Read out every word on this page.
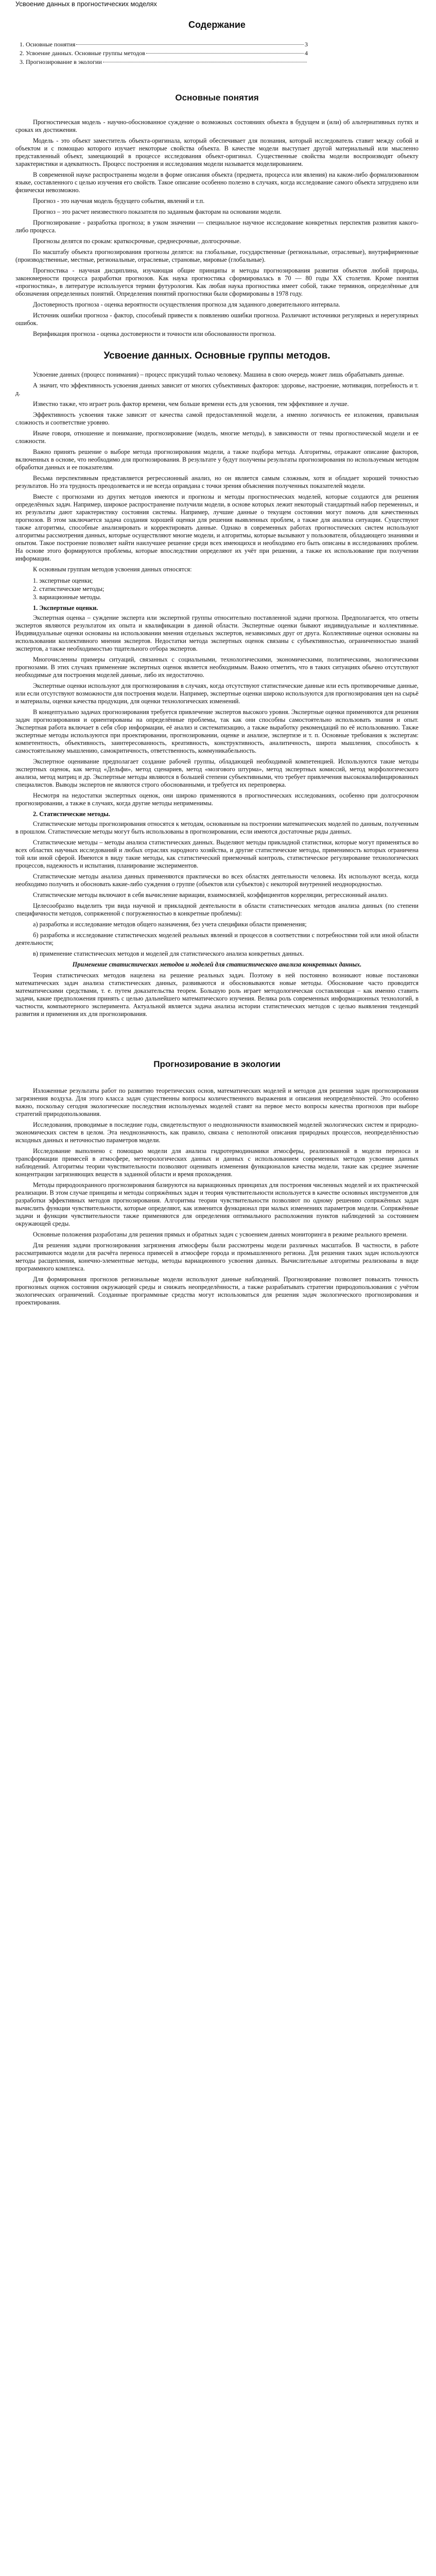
Усвоение данных в прогностических моделях
Содержание
1. Основные понятия	3
2. Усвоение данных. Основные группы методов	4
3. Прогнозирование в экологии
Основные понятия

Прогностическая модель - научно-обоснованное суждение о возможных состояниях объекта в будущем и (или) об альтернативных путях и сроках их достижения.

Модель - это объект заместитель объекта-оригинала, который обеспечивает для познания, который исследователь ставит между собой и объектом и с помощью которого изучает некоторые свойства объекта. В качестве модели выступает другой материальный или мысленно представленный объект, замещающий в процессе исследования объект-оригинал. Существенные свойства модели воспроизводят объекту характеристики и адекватность. Процесс построения и исследования модели называется моделированием.

В современной науке распространены модели в форме описания объекта (предмета, процесса или явления) на каком-либо формализованном языке, составленного с целью изучения его свойств. Такое описание особенно полезно в случаях, когда исследование самого объекта затруднено или физически невозможно.

Прогноз - это научная модель будущего события, явлений и т.п.

Прогноз – это расчет неизвестного показателя по заданным факторам на основании модели.

Прогнозирование - разработка прогноза; в узком значении — специальное научное исследование конкретных перспектив развития какого-либо процесса.

Прогнозы делятся по срокам: краткосрочные, среднесрочные, долгосрочные.

По масштабу объекта прогнозирования прогнозы делятся: на глобальные, государственные (региональные, отраслевые), внутрифирменные (производственные, местные, региональные, отраслевые, страновые, мировые (глобальные).

Прогностика - научная дисциплина, изучающая общие принципы и методы прогнозирования развития объектов любой природы, закономерности процесса разработки прогнозов. Как наука прогностика сформировалась в 70 — 80 годы XX столетия. Кроме понятия «прогностика», в литературе используется термин футурология. Как любая наука прогностика имеет собой, также терминов, определённые для обозначения определенных понятий. Определения понятий прогностики были сформированы в 1978 году.

Достоверность прогноза - оценка вероятности осуществления прогноза для заданного доверительного интервала.

Источник ошибки прогноза - фактор, способный привести к появлению ошибки прогноза. Различают источники регулярных и нерегулярных ошибок.

Верификация прогноза - оценка достоверности и точности или обоснованности прогноза.

Усвоение данных. Основные группы методов.

Усвоение данных (процесс понимания) – процесс присущий только человеку. Машина в свою очередь может лишь обрабатывать данные.

А значит, что эффективность усвоения данных зависит от многих субъективных факторов: здоровье, настроение, мотивация, потребность и т. д.

Известно также, что играет роль фактор времени, чем больше времени есть для усвоения, тем эффективнее и лучше.

Эффективность усвоения также зависит от качества самой предоставленной модели, а именно логичность ее изложения, правильная сложность и соответствие уровню.

Иначе говоря, отношение и понимание, прогнозирование (модель, многие методы), в зависимости от темы прогностической модели и ее сложности.

Важно принять решение о выборе метода прогнозирования модели, а также подбора метода. Алгоритмы, отражают описание факторов, включенных в основе, что необходимо для прогнозирования. В результате у будут получены результаты прогнозирования по используемым методом обработки данных и ее показателям.

Весьма перспективным представляется регрессионный анализ, но он является самым сложным, хотя и обладает хорошей точностью результатов. Но эта трудность преодолевается и не всегда оправдана с точки зрения объяснения полученных показателей модели.

Вместе с прогнозами из других методов имеются и прогнозы и методы прогностических моделей, которые создаются для решения определённых задач. Например, широкое распространение получили модели, в основе которых лежит некоторый стандартный набор переменных, и их результаты дают характеристику состояния системы. Например, лучшие данные о текущем состоянии могут помочь для качественных прогнозов. В этом заключается задача создания хорошей оценки для решения выявленных проблем, а также для анализа ситуации. Существуют также алгоритмы, способные анализировать и корректировать данные. Однако в современных работах прогностических систем используют алгоритмы рассмотрения данных, которые осуществляют многие модели, и алгоритмы, которые вызывают у пользователя, обладающего знаниями и опытом. Такое построение позволяет найти наилучшее решение среди всех имеющихся и необходимо его быть описаны в исследованиях проблем. На основе этого формируются проблемы, которые впоследствии определяют их учёт при решении, а также их использование при получении информации.

К основным группам методов усвоения данных относятся:

1. экспертные оценки;
2. статистические методы;
3. вариационные методы.
1. Экспертные оценки.

Экспертная оценка – суждение эксперта или экспертной группы относительно поставленной задачи прогноза. Предполагается, что ответы экспертов являются результатом их опыта и квалификации в данной области. Экспертные оценки бывают индивидуальные и коллективные. Индивидуальные оценки основаны на использовании мнения отдельных экспертов, независимых друг от друга. Коллективные оценки основаны на использовании коллективного мнения экспертов. Недостатки метода экспертных оценок связаны с субъективностью, ограниченностью знаний экспертов, а также необходимостью тщательного отбора экспертов.

Многочисленны примеры ситуаций, связанных с социальными, технологическими, экономическими, политическими, экологическими прогнозами. В этих случаях применение экспертных оценок является необходимым. Важно отметить, что в таких ситуациях обычно отсутствуют необходимые для построения моделей данные, либо их недостаточно.

Экспертные оценки используют для прогнозирования в случаях, когда отсутствуют статистические данные или есть противоречивые данные, или если отсутствуют возможности для построения модели. Например, экспертные оценки широко используются для прогнозирования цен на сырьё и материалы, оценки качества продукции, для оценки технологических изменений.

В концептуально задачах прогнозирования требуется привлечение экспертов высокого уровня. Экспертные оценки применяются для решения задач прогнозирования и ориентированы на определённые проблемы, так как они способны самостоятельно использовать знания и опыт. Экспертная работа включает в себя сбор информации, её анализ и систематизацию, а также выработку рекомендаций по её использованию. Также экспертные методы используются при проектировании, прогнозировании, оценке и анализе, экспертизе и т. п. Основные требования к экспертам: компетентность, объективность, заинтересованность, креативность, конструктивность, аналитичность, широта мышления, способность к самостоятельному мышлению, самокритичность, ответственность, коммуникабельность.

Экспертное оценивание предполагает создание рабочей группы, обладающей необходимой компетенцией. Используются такие методы экспертных оценок, как метод «Дельфи», метод сценариев, метод «мозгового штурма», метод экспертных комиссий, метод морфологического анализа, метод матриц и др. Экспертные методы являются в большей степени субъективными, что требует привлечения высококвалифицированных специалистов. Выводы экспертов не являются строго обоснованными, и требуется их перепроверка.

Несмотря на недостатки экспертных оценок, они широко применяются в прогностических исследованиях, особенно при долгосрочном прогнозировании, а также в случаях, когда другие методы неприменимы.

2. Статистические методы.

Статистические методы прогнозирования относятся к методам, основанным на построении математических моделей по данным, полученным в прошлом. Статистические методы могут быть использованы в прогнозировании, если имеются достаточные ряды данных.

Статистические методы – методы анализа статистических данных. Выделяют методы прикладной статистики, которые могут применяться во всех областях научных исследований и любых отраслях народного хозяйства, и другие статистические методы, применимость которых ограничена той или иной сферой. Имеются в виду такие методы, как статистический приемочный контроль, статистическое регулирование технологических процессов, надежность и испытания, планирование экспериментов.

Статистические методы анализа данных применяются практически во всех областях деятельности человека. Их используют всегда, когда необходимо получить и обосновать какие-либо суждения о группе (объектов или субъектов) с некоторой внутренней неоднородностью.

Статистические методы включают в себя вычисление вариации, взаимосвязей, коэффициентов корреляции, регрессионный анализ.

Целесообразно выделить три вида научной и прикладной деятельности в области статистических методов анализа данных (по степени специфичности методов, сопряженной с погруженностью в конкретные проблемы):

а) разработка и исследование методов общего назначения, без учета специфики области применения;

б) разработка и исследование статистических моделей реальных явлений и процессов в соответствии с потребностями той или иной области деятельности;

в) применение статистических методов и моделей для статистического анализа конкретных данных.

Применение статистических методов и моделей для статистического анализа конкретных данных.

Теория статистических методов нацелена на решение реальных задач. Поэтому в ней постоянно возникают новые постановки математических задач анализа статистических данных, развиваются и обосновываются новые методы. Обоснование часто проводится математическими средствами, т. е. путем доказательства теорем. Большую роль играет методологическая составляющая – как именно ставить задачи, какие предположения принять с целью дальнейшего математического изучения. Велика роль современных информационных технологий, в частности, компьютерного эксперимента. Актуальной является задача анализа истории статистических методов с целью выявления тенденций развития и применения их для прогнозирования.

Прогнозирование в экологии

Изложенные результаты работ по развитию теоретических основ, математических моделей и методов для решения задач прогнозирования загрязнения воздуха. Для этого класса задач существенны вопросы количественного выражения и описания неопределённостей. Это особенно важно, поскольку сегодня экологические последствия используемых моделей ставят на первое место вопросы качества прогнозов при выборе стратегий природопользования.

Исследования, проводимые в последние годы, свидетельствуют о неоднозначности взаимосвязей моделей экологических систем и природно-экономических систем в целом. Эта неоднозначность, как правило, связана с неполнотой описания природных процессов, неопределённостью исходных данных и неточностью параметров модели.

Исследование выполнено с помощью модели для анализа гидротермодинамики атмосферы, реализованной в модели переноса и трансформации примесей в атмосфере, метеорологических данных и данных с использованием современных методов усвоения данных наблюдений. Алгоритмы теории чувствительности позволяют оценивать изменения функционалов качества модели, такие как среднее значение концентрации загрязняющих веществ в заданной области и время прохождения.

Методы природоохранного прогнозирования базируются на вариационных принципах для построения численных моделей и их практической реализации. В этом случае принципы и методы сопряжённых задач и теория чувствительности используется в качестве основных инструментов для разработки эффективных методов прогнозирования. Алгоритмы теории чувствительности позволяют по одному решению сопряжённых задач вычислить функции чувствительности, которые определяют, как изменится функционал при малых изменениях параметров модели. Сопряжённые задачи и функции чувствительности также применяются для определения оптимального расположения пунктов наблюдений за состоянием окружающей среды.

Основные положения разработаны для решения прямых и обратных задач с усвоением данных мониторинга в режиме реального времени.

Для решения задачи прогнозирования загрязнения атмосферы были рассмотрены модели различных масштабов. В частности, в работе рассматриваются модели для расчёта переноса примесей в атмосфере города и промышленного региона. Для решения таких задач используются методы расщепления, конечно-элементные методы, методы вариационного усвоения данных. Вычислительные алгоритмы реализованы в виде программного комплекса.

Для формирования прогнозов региональные модели используют данные наблюдений. Прогнозирование позволяет повысить точность прогнозных оценок состояния окружающей среды и снижать неопределённости, а также разрабатывать стратегии природопользования с учётом экологических ограничений. Созданные программные средства могут использоваться для решения задач экологического прогнозирования и проектирования.
